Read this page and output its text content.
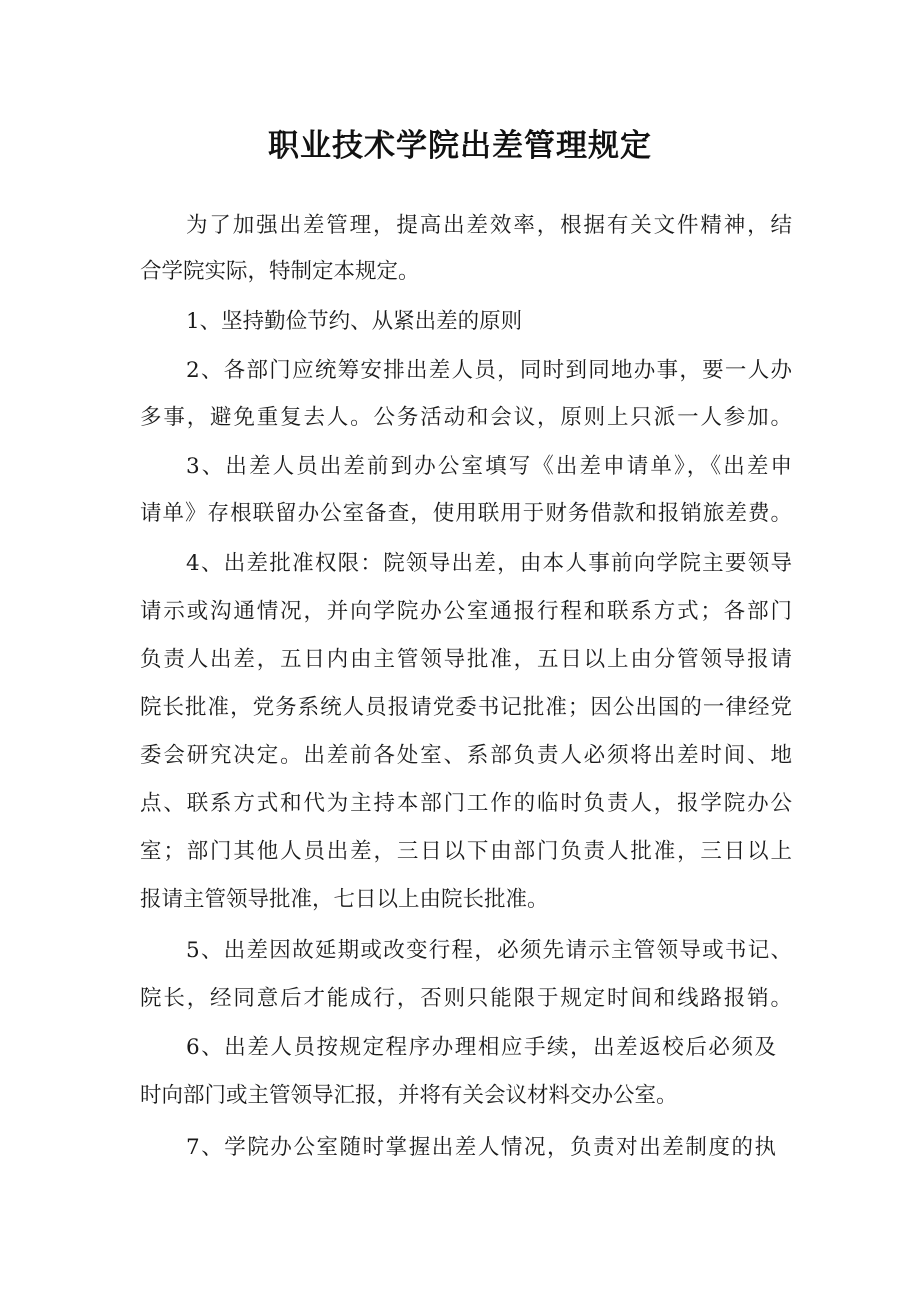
职业技术学院出差管理规定

为了加强出差管理，提高出差效率，根据有关文件精神，结

合学院实际，特制定本规定。

1、坚持勤俭节约、从紧出差的原则

2、各部门应统筹安排出差人员，同时到同地办事，要一人办

多事，避免重复去人。公务活动和会议，原则上只派一人参加。

3、出差人员出差前到办公室填写《出差申请单》，《出差申

请单》存根联留办公室备查，使用联用于财务借款和报销旅差费。

4、出差批准权限：院领导出差，由本人事前向学院主要领导

请示或沟通情况，并向学院办公室通报行程和联系方式；各部门

负责人出差，五日内由主管领导批准，五日以上由分管领导报请

院长批准，党务系统人员报请党委书记批准；因公出国的一律经党

委会研究决定。出差前各处室、系部负责人必须将出差时间、地

点、联系方式和代为主持本部门工作的临时负责人，报学院办公

室；部门其他人员出差，三日以下由部门负责人批准，三日以上

报请主管领导批准，七日以上由院长批准。

5、出差因故延期或改变行程，必须先请示主管领导或书记、

院长，经同意后才能成行，否则只能限于规定时间和线路报销。

6、出差人员按规定程序办理相应手续，出差返校后必须及

时向部门或主管领导汇报，并将有关会议材料交办公室。

7、学院办公室随时掌握出差人情况，负责对出差制度的执
